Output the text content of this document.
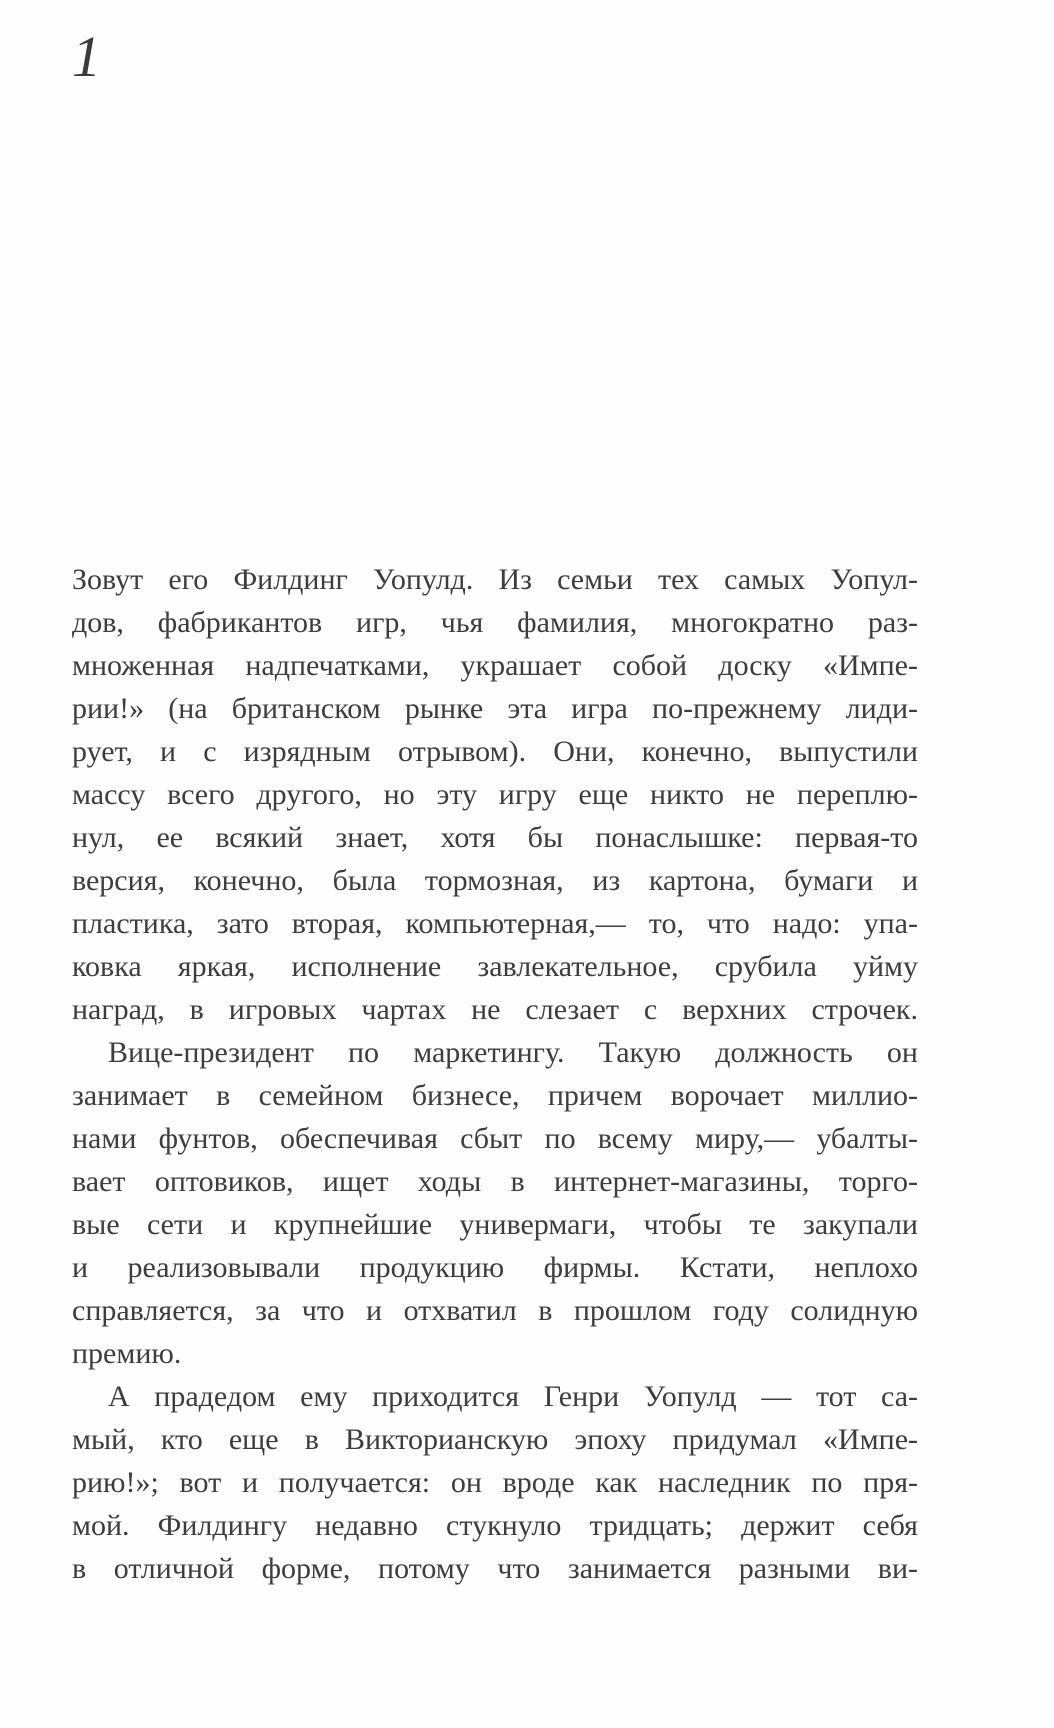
1
Зовут его Филдинг Уопулд. Из семьи тех самых Уопул-
дов, фабрикантов игр, чья фамилия, многократно раз-
множенная надпечатками, украшает собой доску «Импе-
рии!» (на британском рынке эта игра по-прежнему лиди-
рует, и с изрядным отрывом). Они, конечно, выпустили
массу всего другого, но эту игру еще никто не переплю-
нул, ее всякий знает, хотя бы понаслышке: первая-то
версия, конечно, была тормозная, из картона, бумаги и
пластика, зато вторая, компьютерная,— то, что надо: упа-
ковка яркая, исполнение завлекательное, срубила уйму
наград, в игровых чартах не слезает с верхних строчек.
Вице-президент по маркетингу. Такую должность он
занимает в семейном бизнесе, причем ворочает миллио-
нами фунтов, обеспечивая сбыт по всему миру,— убалты-
вает оптовиков, ищет ходы в интернет-магазины, торго-
вые сети и крупнейшие универмаги, чтобы те закупали
и реализовывали продукцию фирмы. Кстати, неплохо
справляется, за что и отхватил в прошлом году солидную
премию.
А прадедом ему приходится Генри Уопулд — тот са-
мый, кто еще в Викторианскую эпоху придумал «Импе-
рию!»; вот и получается: он вроде как наследник по пря-
мой. Филдингу недавно стукнуло тридцать; держит себя
в отличной форме, потому что занимается разными ви-
